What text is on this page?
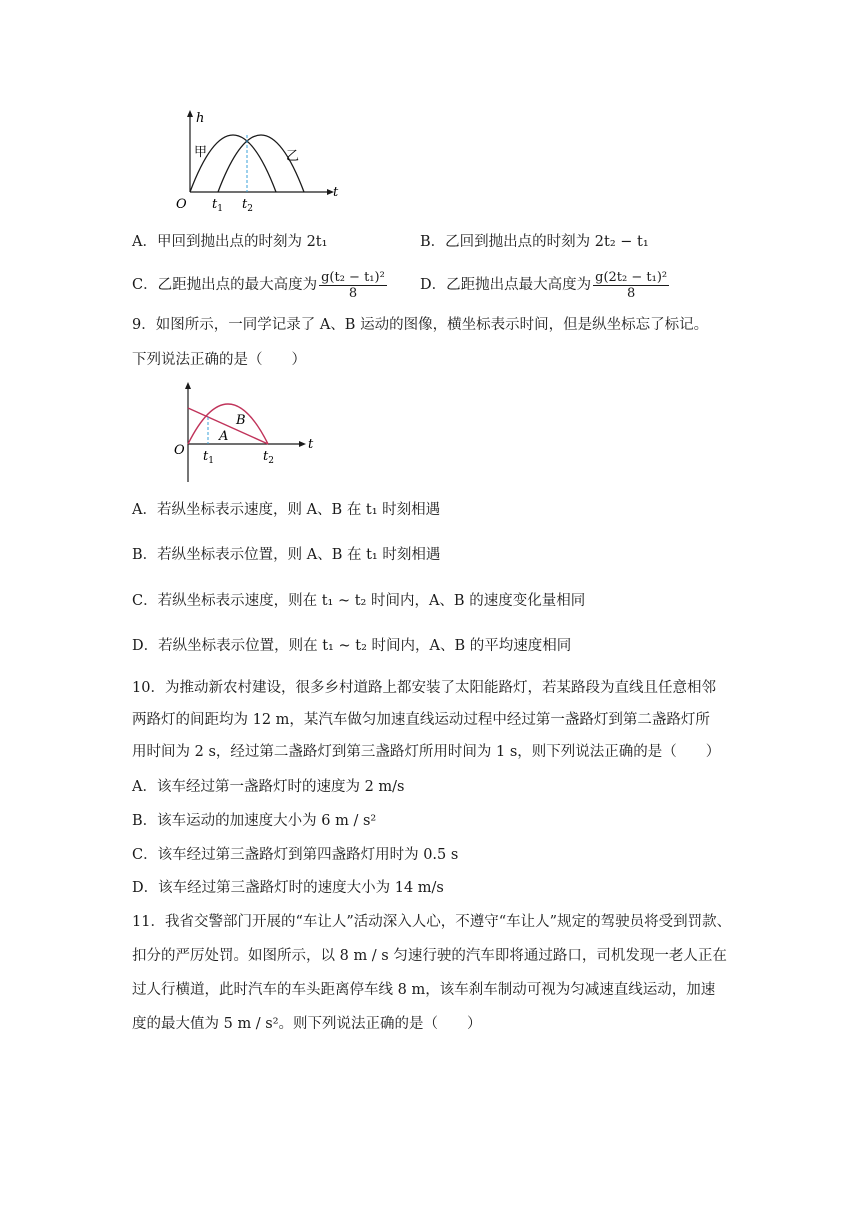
h
t
O
甲	乙
$t_1$ $t_2$
A．甲回到抛出点的时刻为 2t₁	B．乙回到抛出点的时刻为 2t₂ − t₁
C．乙距抛出点的最大高度为 $\frac{\text{g(t₂ − t₁)²}}{8}$ D．乙距抛出点最大高度为 $\frac{\text{g(2t₂ − t₁)²}}{8}$
9．如图所示，一同学记录了 A、B 运动的图像，横坐标表示时间，但是纵坐标忘了标记。
下列说法正确的是（　　）
B
A
t
O $t_1$	$t_2$
A．若纵坐标表示速度，则 A、B 在 t₁ 时刻相遇
B．若纵坐标表示位置，则 A、B 在 t₁ 时刻相遇
C．若纵坐标表示速度，则在 t₁ ~ t₂ 时间内，A、B 的速度变化量相同
D．若纵坐标表示位置，则在 t₁ ~ t₂ 时间内，A、B 的平均速度相同
10．为推动新农村建设，很多乡村道路上都安装了太阳能路灯，若某路段为直线且任意相邻
两路灯的间距均为 12 m，某汽车做匀加速直线运动过程中经过第一盏路灯到第二盏路灯所
用时间为 2 s，经过第二盏路灯到第三盏路灯所用时间为 1 s，则下列说法正确的是（　　）
A．该车经过第一盏路灯时的速度为 2 m/s
B．该车运动的加速度大小为 6 m / s²
C．该车经过第三盏路灯到第四盏路灯用时为 0.5 s
D．该车经过第三盏路灯时的速度大小为 14 m/s
11．我省交警部门开展的“车让人”活动深入人心，不遵守“车让人”规定的驾驶员将受到罚款、
扣分的严厉处罚。如图所示，以 8 m / s 匀速行驶的汽车即将通过路口，司机发现一老人正在
过人行横道，此时汽车的车头距离停车线 8 m，该车刹车制动可视为匀减速直线运动，加速
度的最大值为 5 m / s²。则下列说法正确的是（　　）
